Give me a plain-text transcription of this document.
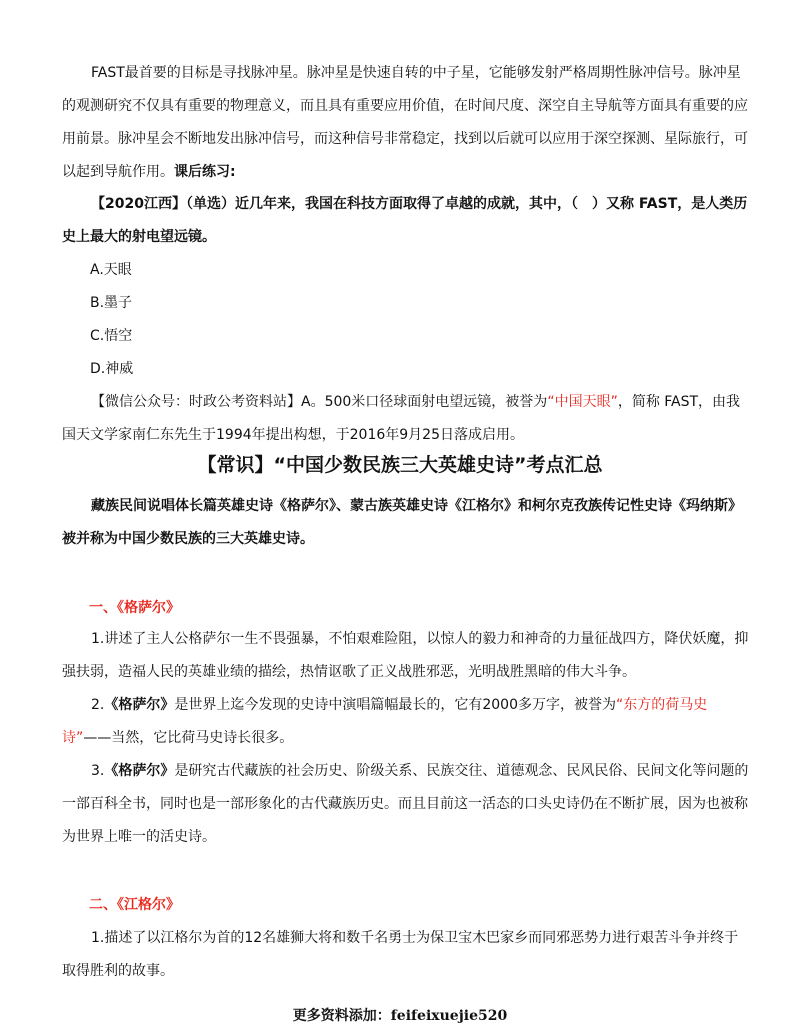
FAST最首要的目标是寻找脉冲星。脉冲星是快速自转的中子星，它能够发射严格周期性脉冲信号。脉冲星的观测研究不仅具有重要的物理意义，而且具有重要应用价值，在时间尺度、深空自主导航等方面具有重要的应用前景。脉冲星会不断地发出脉冲信号，而这种信号非常稳定，找到以后就可以应用于深空探测、星际旅行，可以起到导航作用。课后练习:

【2020江西】（单选）近几年来，我国在科技方面取得了卓越的成就，其中，（　）又称 FAST，是人类历史上最大的射电望远镜。

A.天眼

B.墨子

C.悟空

D.神威

【微信公众号：时政公考资料站】A。500米口径球面射电望远镜，被誉为“中国天眼”，简称 FAST，由我国天文学家南仁东先生于1994年提出构想，于2016年9月25日落成启用。

【常识】“中国少数民族三大英雄史诗”考点汇总

藏族民间说唱体长篇英雄史诗《格萨尔》、蒙古族英雄史诗《江格尔》和柯尔克孜族传记性史诗《玛纳斯》被并称为中国少数民族的三大英雄史诗。

一、《格萨尔》

1.讲述了主人公格萨尔一生不畏强暴，不怕艰难险阻，以惊人的毅力和神奇的力量征战四方，降伏妖魔，抑强扶弱，造福人民的英雄业绩的描绘，热情讴歌了正义战胜邪恶，光明战胜黑暗的伟大斗争。

2.《格萨尔》是世界上迄今发现的史诗中演唱篇幅最长的，它有2000多万字，被誉为“东方的荷马史诗”——当然，它比荷马史诗长很多。

3.《格萨尔》是研究古代藏族的社会历史、阶级关系、民族交往、道德观念、民风民俗、民间文化等问题的一部百科全书，同时也是一部形象化的古代藏族历史。而且目前这一活态的口头史诗仍在不断扩展，因为也被称为世界上唯一的活史诗。

二、《江格尔》

1.描述了以江格尔为首的12名雄狮大将和数千名勇士为保卫宝木巴家乡而同邪恶势力进行艰苦斗争并终于取得胜利的故事。

更多资料添加：feifeixuejie520
